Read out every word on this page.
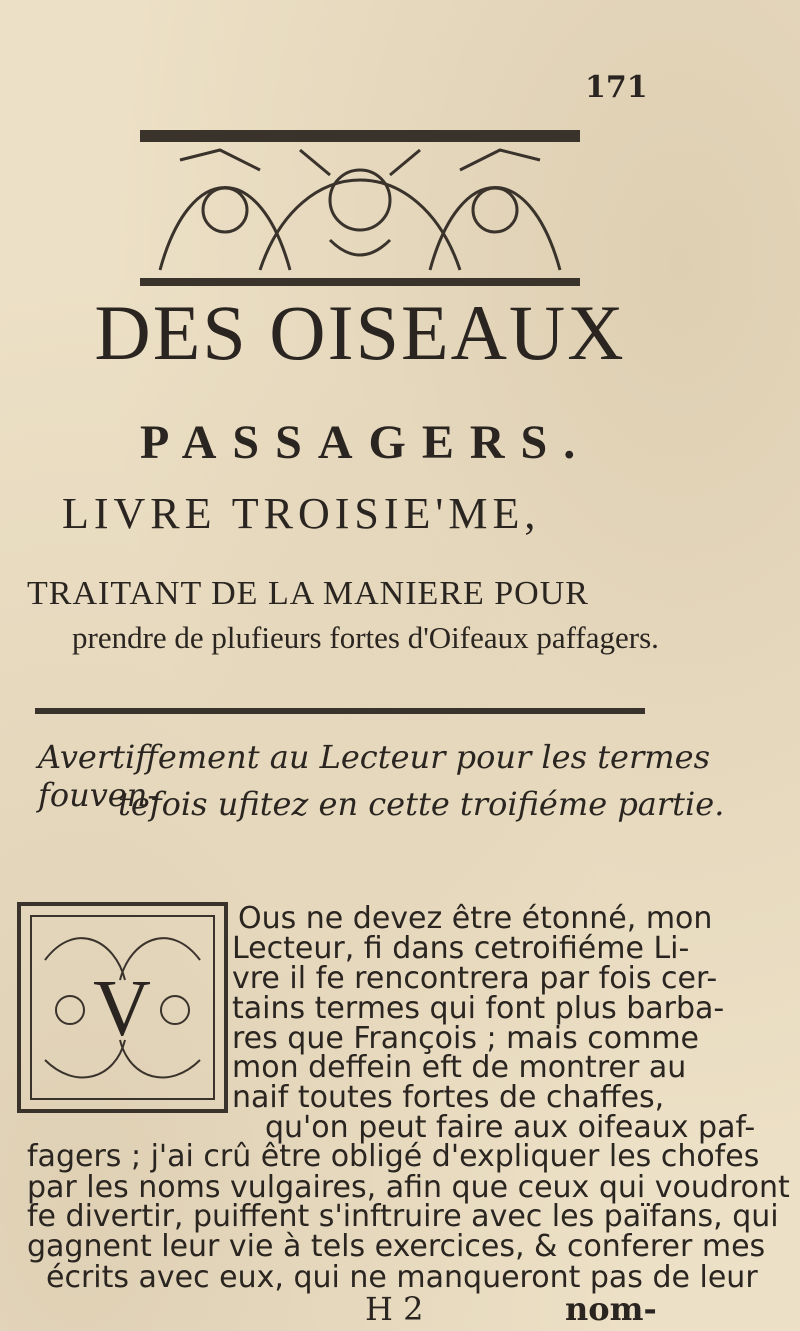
171
DES OISEAUX
PASSAGERS.
LIVRE TROISIE'ME,
TRAITANT DE LA MANIERE POUR
prendre de plufieurs fortes d'Oifeaux paffagers.
Avertiffement au Lecteur pour les termes fouven-
tefois ufitez en cette troifiéme partie.
V
Ous ne devez être étonné, mon
Lecteur, fi dans cetroifiéme Li-
vre il fe rencontrera par fois cer-
tains termes qui font plus barba-
res que François ; mais comme
mon deffein eft de montrer au
naif toutes fortes de chaffes,
qu'on peut faire aux oifeaux paf-
fagers ; j'ai crû être obligé d'expliquer les chofes
par les noms vulgaires, afin que ceux qui voudront
fe divertir, puiffent s'inftruire avec les païfans, qui
gagnent leur vie à tels exercices, & conferer mes
écrits avec eux, qui ne manqueront pas de leur
H 2	nom-
